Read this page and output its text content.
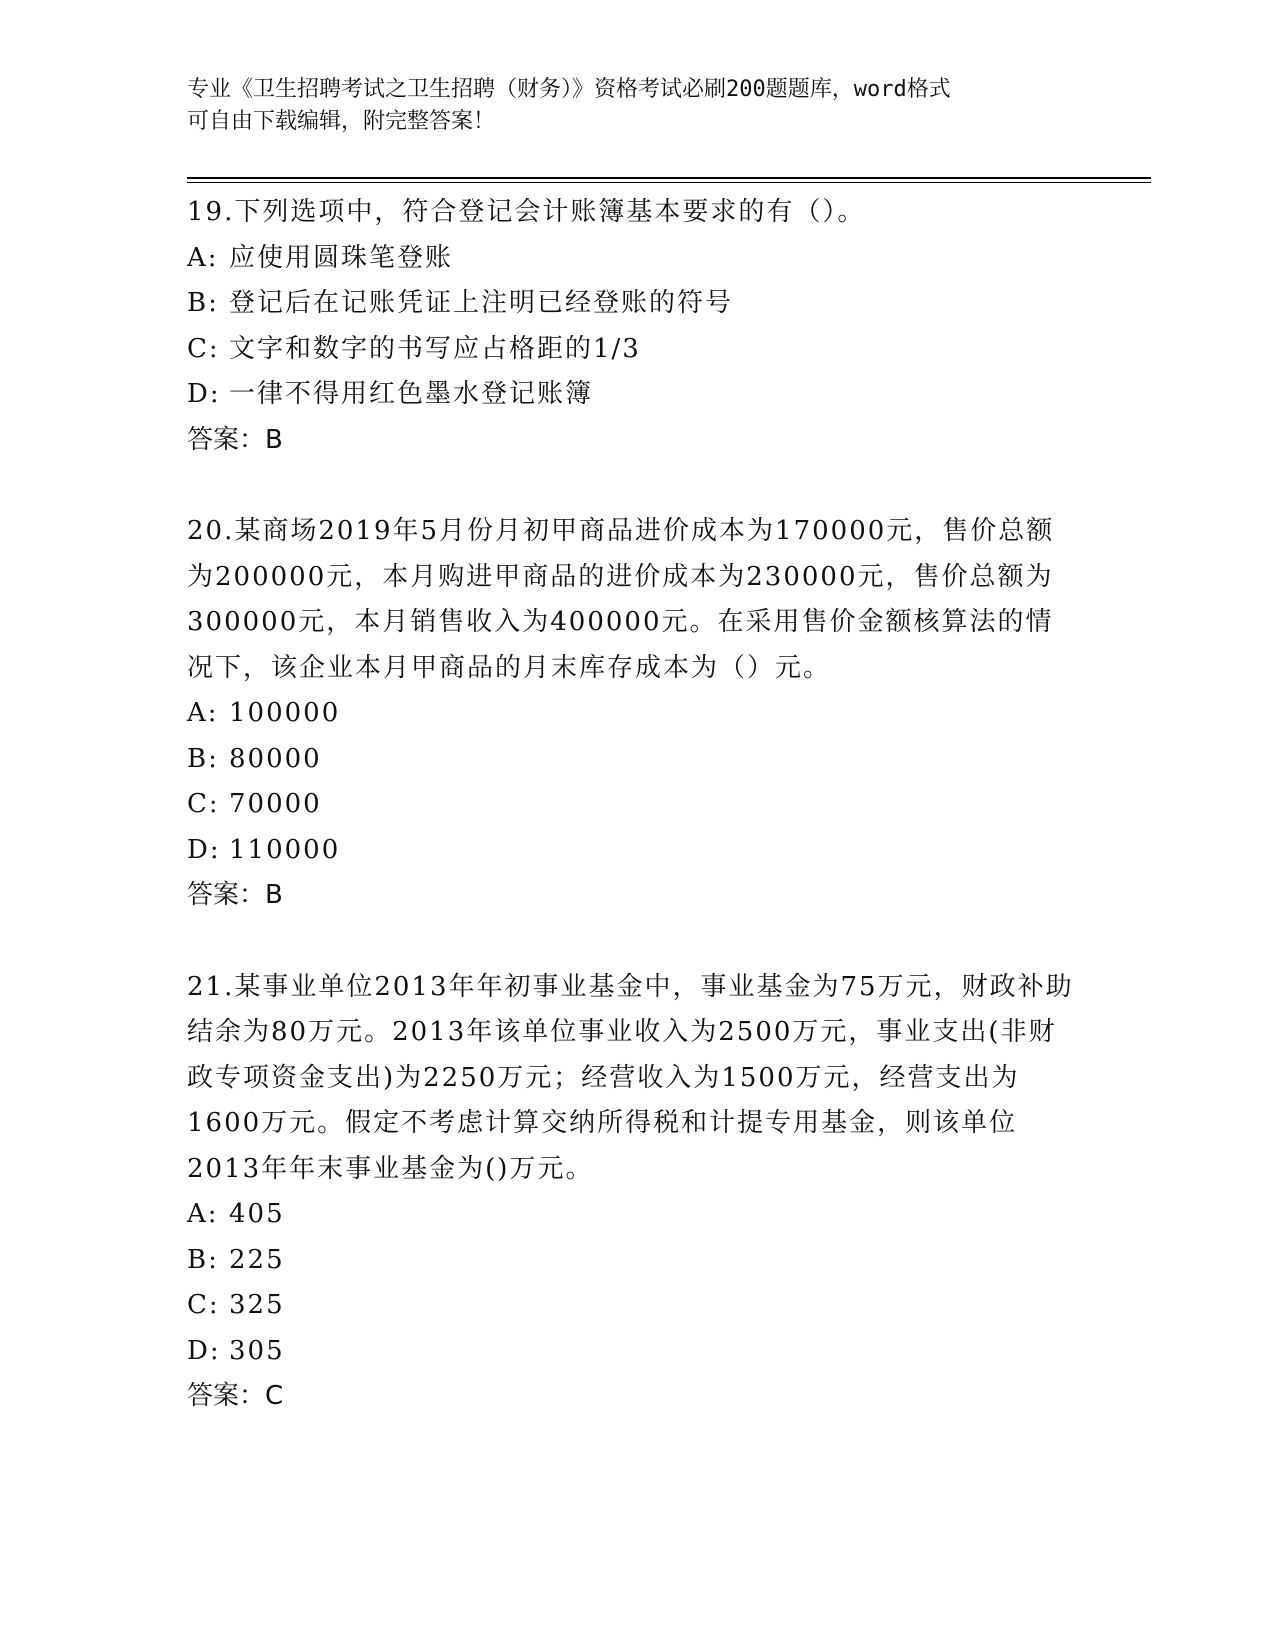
专业《卫生招聘考试之卫生招聘（财务）》资格考试必刷200题题库，word格式
可自由下载编辑，附完整答案！
19.下列选项中，符合登记会计账簿基本要求的有（）。
A: 应使用圆珠笔登账
B: 登记后在记账凭证上注明已经登账的符号
C: 文字和数字的书写应占格距的1/3
D: 一律不得用红色墨水登记账簿
答案：B
20.某商场2019年5月份月初甲商品进价成本为170000元，售价总额为200000元，本月购进甲商品的进价成本为230000元，售价总额为300000元，本月销售收入为400000元。在采用售价金额核算法的情况下，该企业本月甲商品的月末库存成本为（）元。
A: 100000
B: 80000
C: 70000
D: 110000
答案：B
21.某事业单位2013年年初事业基金中，事业基金为75万元，财政补助结余为80万元。2013年该单位事业收入为2500万元，事业支出(非财政专项资金支出)为2250万元；经营收入为1500万元，经营支出为1600万元。假定不考虑计算交纳所得税和计提专用基金，则该单位2013年年末事业基金为()万元。
A: 405
B: 225
C: 325
D: 305
答案：C
